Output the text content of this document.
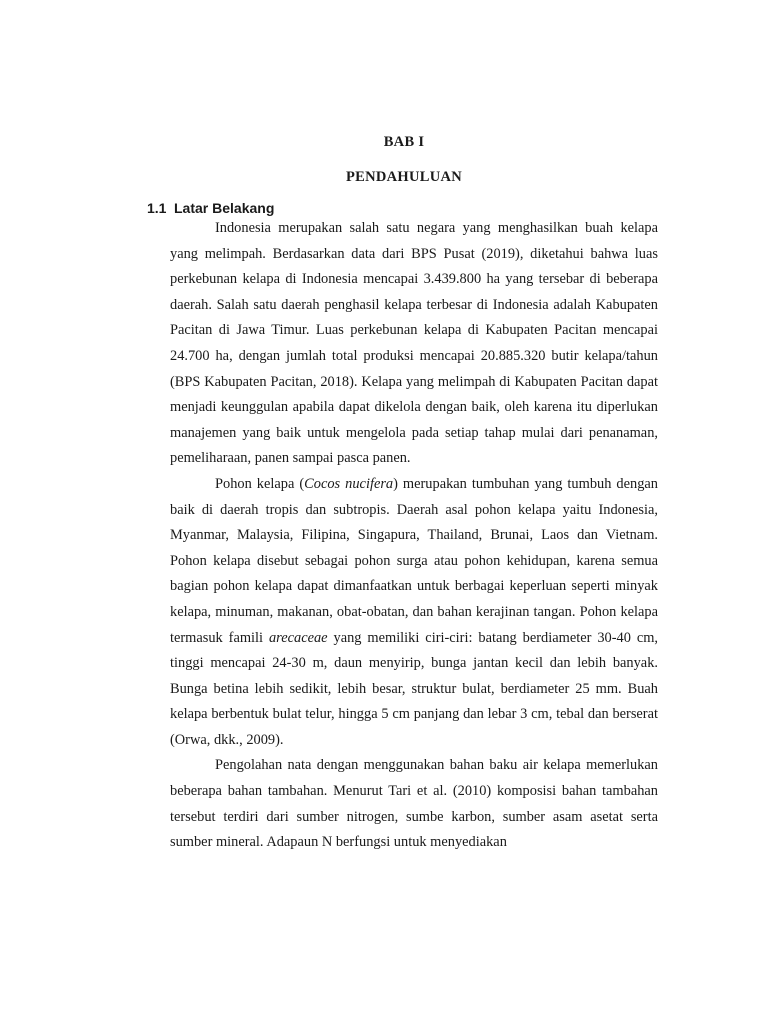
BAB I
PENDAHULUAN
1.1 Latar Belakang

Indonesia merupakan salah satu negara yang menghasilkan buah kelapa yang melimpah. Berdasarkan data dari BPS Pusat (2019), diketahui bahwa luas perkebunan kelapa di Indonesia mencapai 3.439.800 ha yang tersebar di beberapa daerah. Salah satu daerah penghasil kelapa terbesar di Indonesia adalah Kabupaten Pacitan di Jawa Timur. Luas perkebunan kelapa di Kabupaten Pacitan mencapai 24.700 ha, dengan jumlah total produksi mencapai 20.885.320 butir kelapa/tahun (BPS Kabupaten Pacitan, 2018). Kelapa yang melimpah di Kabupaten Pacitan dapat menjadi keunggulan apabila dapat dikelola dengan baik, oleh karena itu diperlukan manajemen yang baik untuk mengelola pada setiap tahap mulai dari penanaman, pemeliharaan, panen sampai pasca panen.

Pohon kelapa (Cocos nucifera) merupakan tumbuhan yang tumbuh dengan baik di daerah tropis dan subtropis. Daerah asal pohon kelapa yaitu Indonesia, Myanmar, Malaysia, Filipina, Singapura, Thailand, Brunai, Laos dan Vietnam. Pohon kelapa disebut sebagai pohon surga atau pohon kehidupan, karena semua bagian pohon kelapa dapat dimanfaatkan untuk berbagai keperluan seperti minyak kelapa, minuman, makanan, obat-obatan, dan bahan kerajinan tangan. Pohon kelapa termasuk famili arecaceae yang memiliki ciri-ciri: batang berdiameter 30-40 cm, tinggi mencapai 24-30 m, daun menyirip, bunga jantan kecil dan lebih banyak. Bunga betina lebih sedikit, lebih besar, struktur bulat, berdiameter 25 mm. Buah kelapa berbentuk bulat telur, hingga 5 cm panjang dan lebar 3 cm, tebal dan berserat (Orwa, dkk., 2009).

Pengolahan nata dengan menggunakan bahan baku air kelapa memerlukan beberapa bahan tambahan. Menurut Tari et al. (2010) komposisi bahan tambahan tersebut terdiri dari sumber nitrogen, sumbe karbon, sumber asam asetat serta sumber mineral. Adapaun N berfungsi untuk menyediakan
